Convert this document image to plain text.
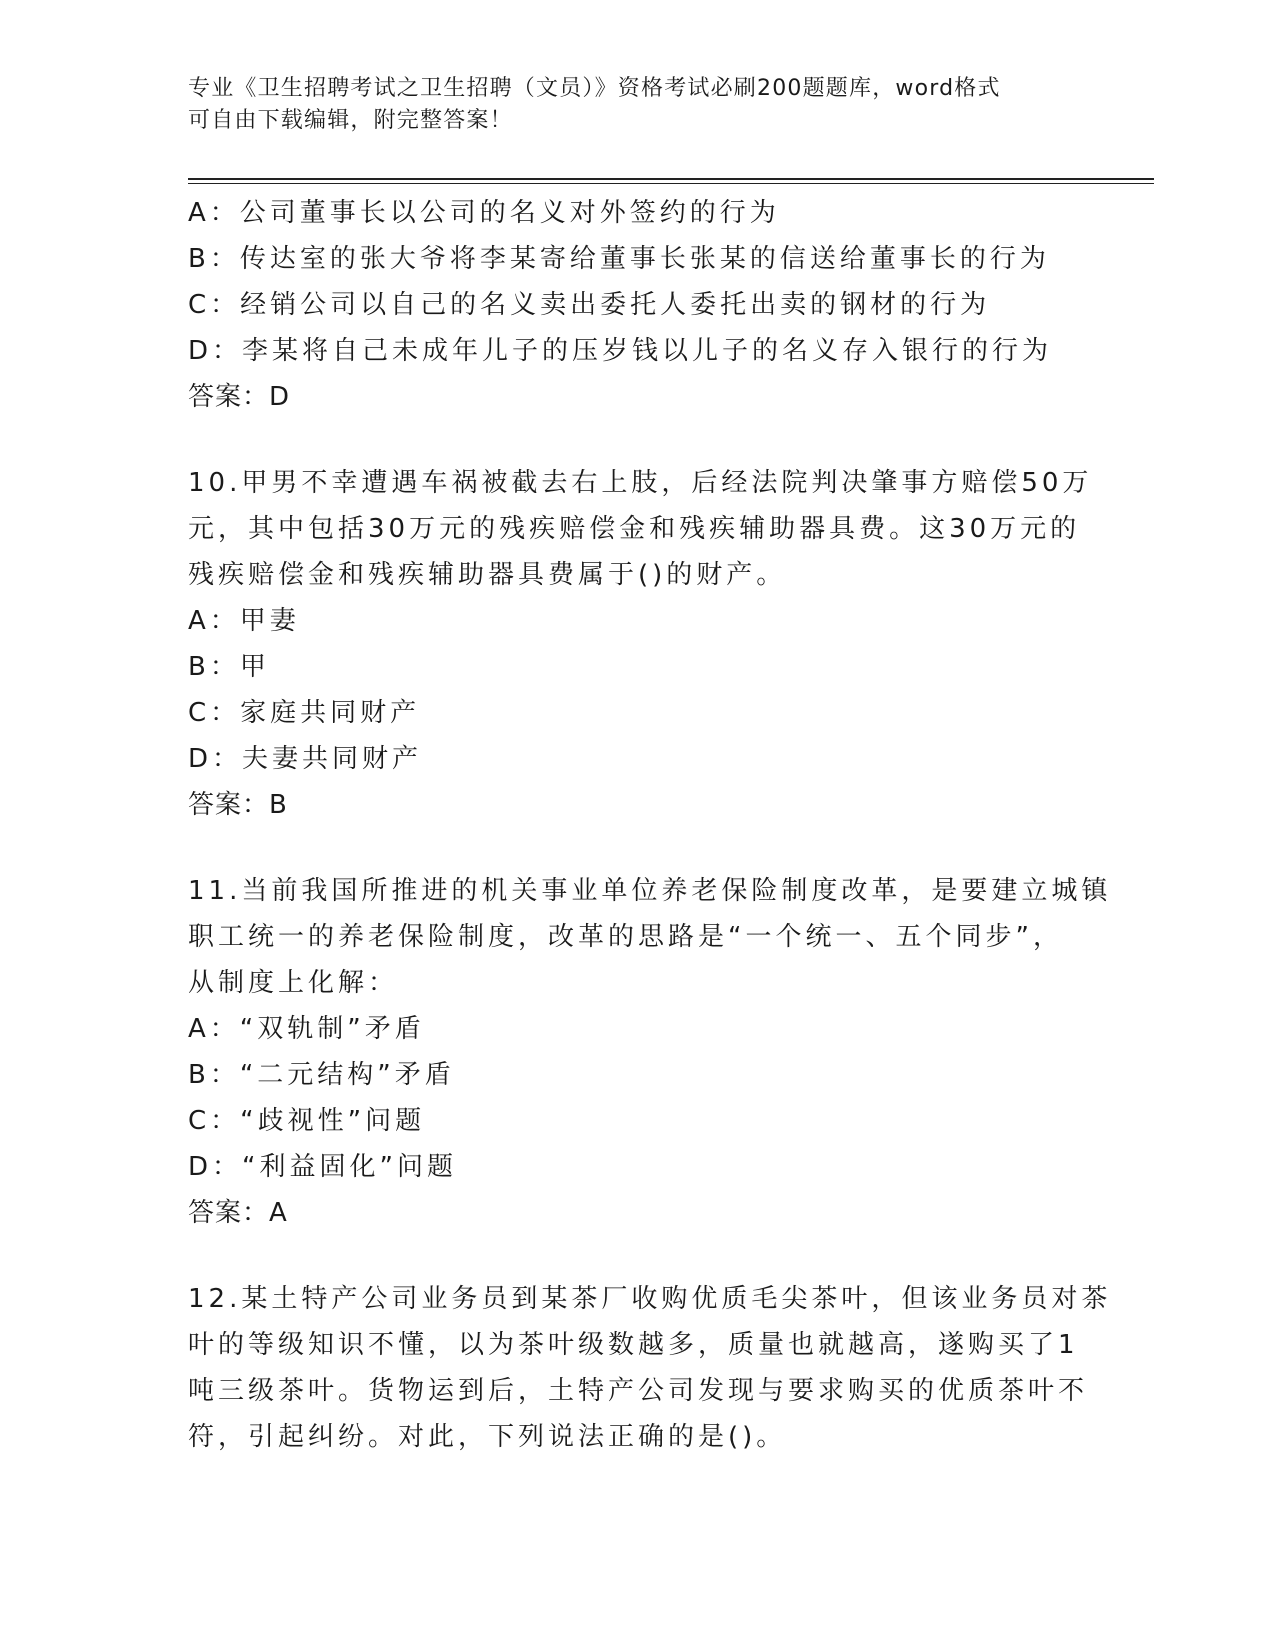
专业《卫生招聘考试之卫生招聘（文员）》资格考试必刷200题题库，word格式
可自由下载编辑，附完整答案！
A：公司董事长以公司的名义对外签约的行为
B：传达室的张大爷将李某寄给董事长张某的信送给董事长的行为
C：经销公司以自己的名义卖出委托人委托出卖的钢材的行为
D：李某将自己未成年儿子的压岁钱以儿子的名义存入银行的行为
答案：D
10.甲男不幸遭遇车祸被截去右上肢，后经法院判决肇事方赔偿50万
元，其中包括30万元的残疾赔偿金和残疾辅助器具费。这30万元的
残疾赔偿金和残疾辅助器具费属于()的财产。
A：甲妻
B：甲
C：家庭共同财产
D：夫妻共同财产
答案：B
11.当前我国所推进的机关事业单位养老保险制度改革，是要建立城镇
职工统一的养老保险制度，改革的思路是“一个统一、五个同步”，
从制度上化解：
A：“双轨制”矛盾
B：“二元结构”矛盾
C：“歧视性”问题
D：“利益固化”问题
答案：A
12.某土特产公司业务员到某茶厂收购优质毛尖茶叶，但该业务员对茶
叶的等级知识不懂，以为茶叶级数越多，质量也就越高，遂购买了1
吨三级茶叶。货物运到后，土特产公司发现与要求购买的优质茶叶不
符，引起纠纷。对此，下列说法正确的是()。
